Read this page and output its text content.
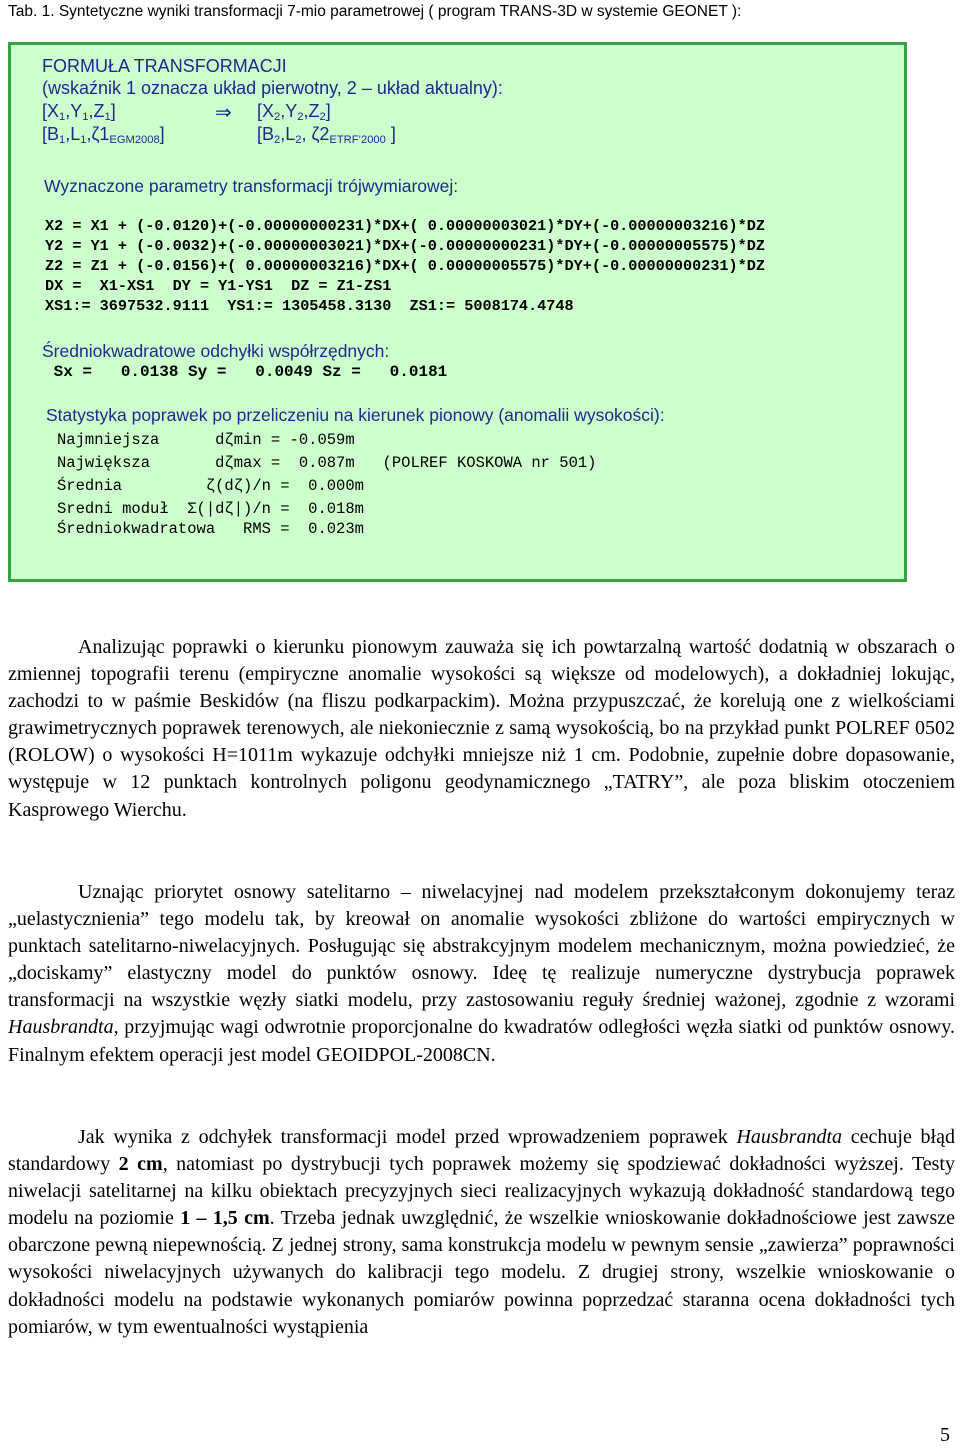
Tab. 1. Syntetyczne wyniki transformacji 7-mio parametrowej ( program TRANS-3D w systemie GEONET ):
FORMUŁA TRANSFORMACJI
(wskaźnik 1 oznacza układ pierwotny, 2 – układ aktualny):
$[X_1,Y_1,Z_1]$	⇒ $[X_2,Y_2,Z_2]$
$[B_1,L_1,\zeta 1_{EGM2008}]$	[$B_2,L_2$, $\zeta 2_{ETRF’2000}$ ]
Wyznaczone parametry transformacji trójwymiarowej:

X2 = X1 + (-0.0120)+(-0.00000000231)*DX+( 0.00000003021)*DY+(-0.00000003216)*DZ

Y2 = Y1 + (-0.0032)+(-0.00000003021)*DX+(-0.00000000231)*DY+(-0.00000005575)*DZ

Z2 = Z1 + (-0.0156)+( 0.00000003216)*DX+( 0.00000005575)*DY+(-0.00000000231)*DZ

DX =  X1-XS1  DY = Y1-YS1  DZ = Z1-ZS1

XS1:= 3697532.9111  YS1:= 1305458.3130  ZS1:= 5008174.4748

Średniokwadratowe odchyłki współrzędnych:
Sx =   0.0138 Sy =   0.0049 Sz =   0.0181
Statystyka poprawek po przeliczeniu na kierunek pionowy (anomalii wysokości):

Najmniejsza      dζmin = -0.059m

Największa       dζmax =  0.087m   (POLREF KOSKOWA nr 501)

Średnia         ζ(dζ)/n =  0.000m

Sredni moduł  Σ(|dζ|)/n =  0.018m

Średniokwadratowa   RMS =  0.023m

Analizując poprawki o kierunku pionowym zauważa się ich powtarzalną wartość dodatnią w obszarach o zmiennej topografii terenu (empiryczne anomalie wysokości są większe od modelowych), a dokładniej lokując, zachodzi to w paśmie Beskidów (na fliszu podkarpackim). Można przypuszczać, że korelują one z wielkościami grawimetrycznych poprawek terenowych, ale niekoniecznie z samą wysokością, bo na przykład punkt POLREF 0502 (ROLOW) o wysokości H=1011m wykazuje odchyłki mniejsze niż 1 cm. Podobnie, zupełnie dobre dopasowanie, występuje w 12 punktach kontrolnych poligonu geodynamicznego „TATRY”, ale poza bliskim otoczeniem Kasprowego Wierchu.

Uznając priorytet osnowy satelitarno – niwelacyjnej nad modelem przekształconym dokonujemy teraz „uelastycznienia” tego modelu tak, by kreował on anomalie wysokości zbliżone do wartości empirycznych w punktach satelitarno-niwelacyjnych. Posługując się abstrakcyjnym modelem mechanicznym, można powiedzieć, że „dociskamy” elastyczny model do punktów osnowy. Ideę tę realizuje numeryczne dystrybucja poprawek transformacji na wszystkie węzły siatki modelu, przy zastosowaniu reguły średniej ważonej, zgodnie z wzorami Hausbrandta, przyjmując wagi odwrotnie proporcjonalne do kwadratów odległości węzła siatki od punktów osnowy. Finalnym efektem operacji jest model GEOIDPOL-2008CN.

Jak wynika z odchyłek transformacji model przed wprowadzeniem poprawek Hausbrandta cechuje błąd standardowy 2 cm, natomiast po dystrybucji tych poprawek możemy się spodziewać dokładności wyższej. Testy niwelacji satelitarnej na kilku obiektach precyzyjnych sieci realizacyjnych wykazują dokładność standardową tego modelu na poziomie 1 – 1,5 cm. Trzeba jednak uwzględnić, że wszelkie wnioskowanie dokładnościowe jest zawsze obarczone pewną niepewnością. Z jednej strony, sama konstrukcja modelu w pewnym sensie „zawierza” poprawności wysokości niwelacyjnych używanych do kalibracji tego modelu. Z drugiej strony, wszelkie wnioskowanie o dokładności modelu na podstawie wykonanych pomiarów powinna poprzedzać staranna ocena dokładności tych pomiarów, w tym ewentualności wystąpienia

5
